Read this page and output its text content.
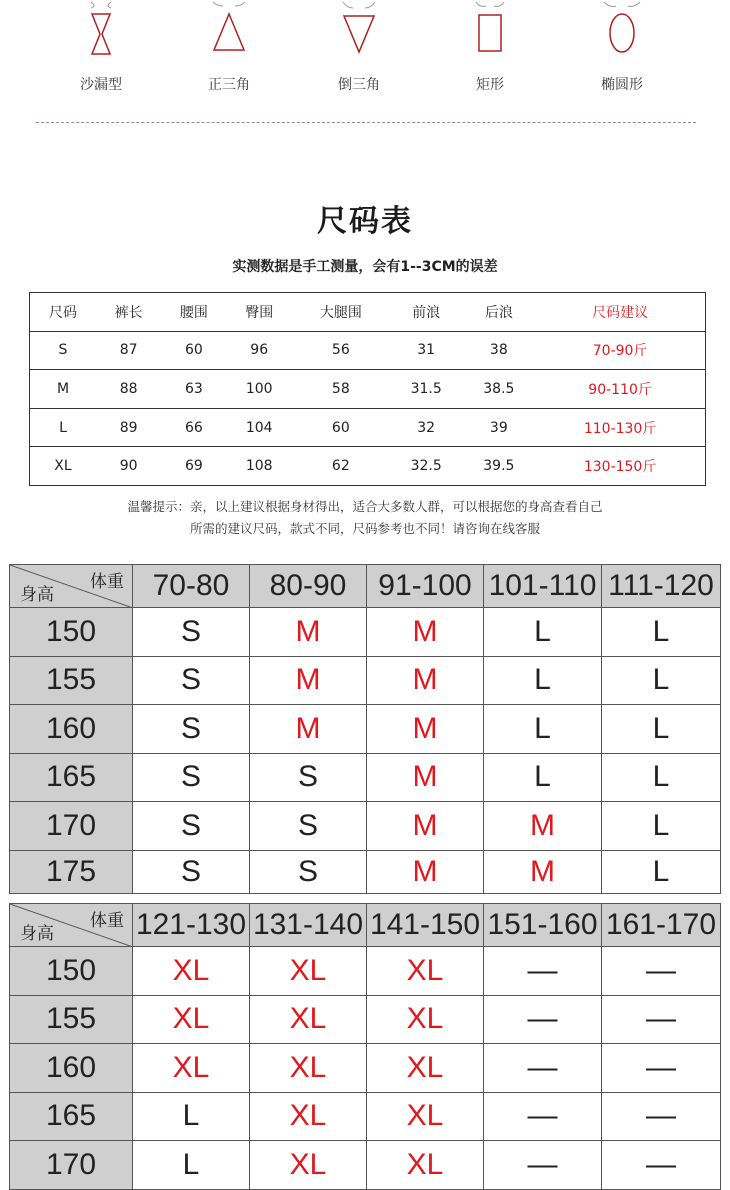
沙漏型	正三角	倒三角	矩形	椭圆形
尺码表
实测数据是手工测量，会有1--3CM的误差
尺码	裤长	腰围	臀围	大腿围	前浪	后浪	尺码建议
S	87	60	96	56	31	38	70-90斤
M	88	63	100	58	31.5	38.5	90-110斤
L	89	66	104	60	32	39	110-130斤
XL	90	69	108	62	32.5	39.5	130-150斤
温馨提示：亲，以上建议根据身材得出，适合大多数人群，可以根据您的身高查看自己
所需的建议尺码，款式不同，尺码参考也不同！请咨询在线客服
体重
身高	70-80	80-90	91-100	101-110	111-120
150	S	M	M	L	L
155	S	M	M	L	L
160	S	M	M	L	L
165	S	S	M	L	L
170	S	S	M	M	L
175	S	S	M	M	L
体重
身高	121-130	131-140	141-150	151-160	161-170
150	XL	XL	XL	—	—
155	XL	XL	XL	—	—
160	XL	XL	XL	—	—
165	L	XL	XL	—	—
170	L	XL	XL	—	—
